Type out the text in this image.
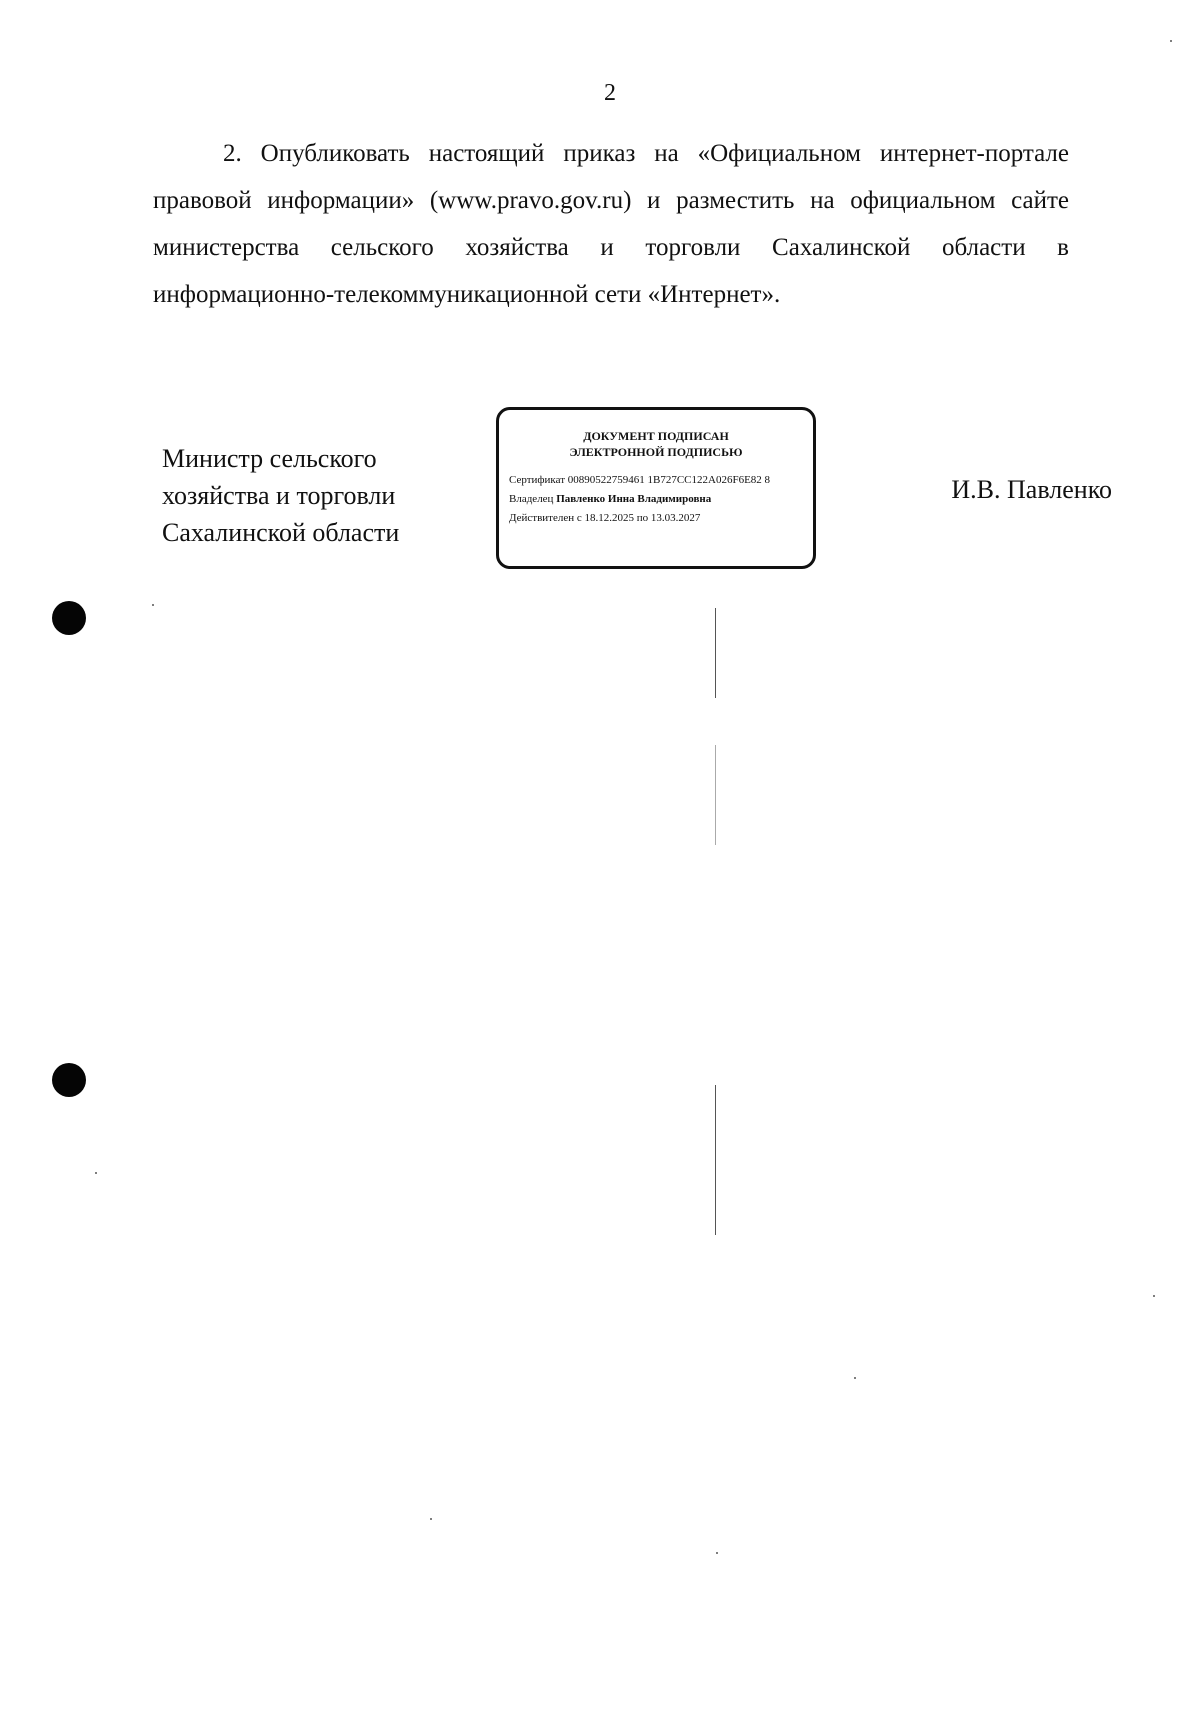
2
2. Опубликовать настоящий приказ на «Официальном интернет-портале правовой информации» (www.pravo.gov.ru) и разместить на официальном сайте министерства сельского хозяйства и торговли Сахалинской области в информационно-телекоммуникационной сети «Интернет».
Министр сельского
хозяйства и торговли
Сахалинской области
ДОКУМЕНТ ПОДПИСАН
ЭЛЕКТРОННОЙ ПОДПИСЬЮ
Сертификат 00890522759461 1B727CC122A026F6E82 8
Владелец Павленко Инна Владимировна
Действителен с 18.12.2025 по 13.03.2027
И.В. Павленко
